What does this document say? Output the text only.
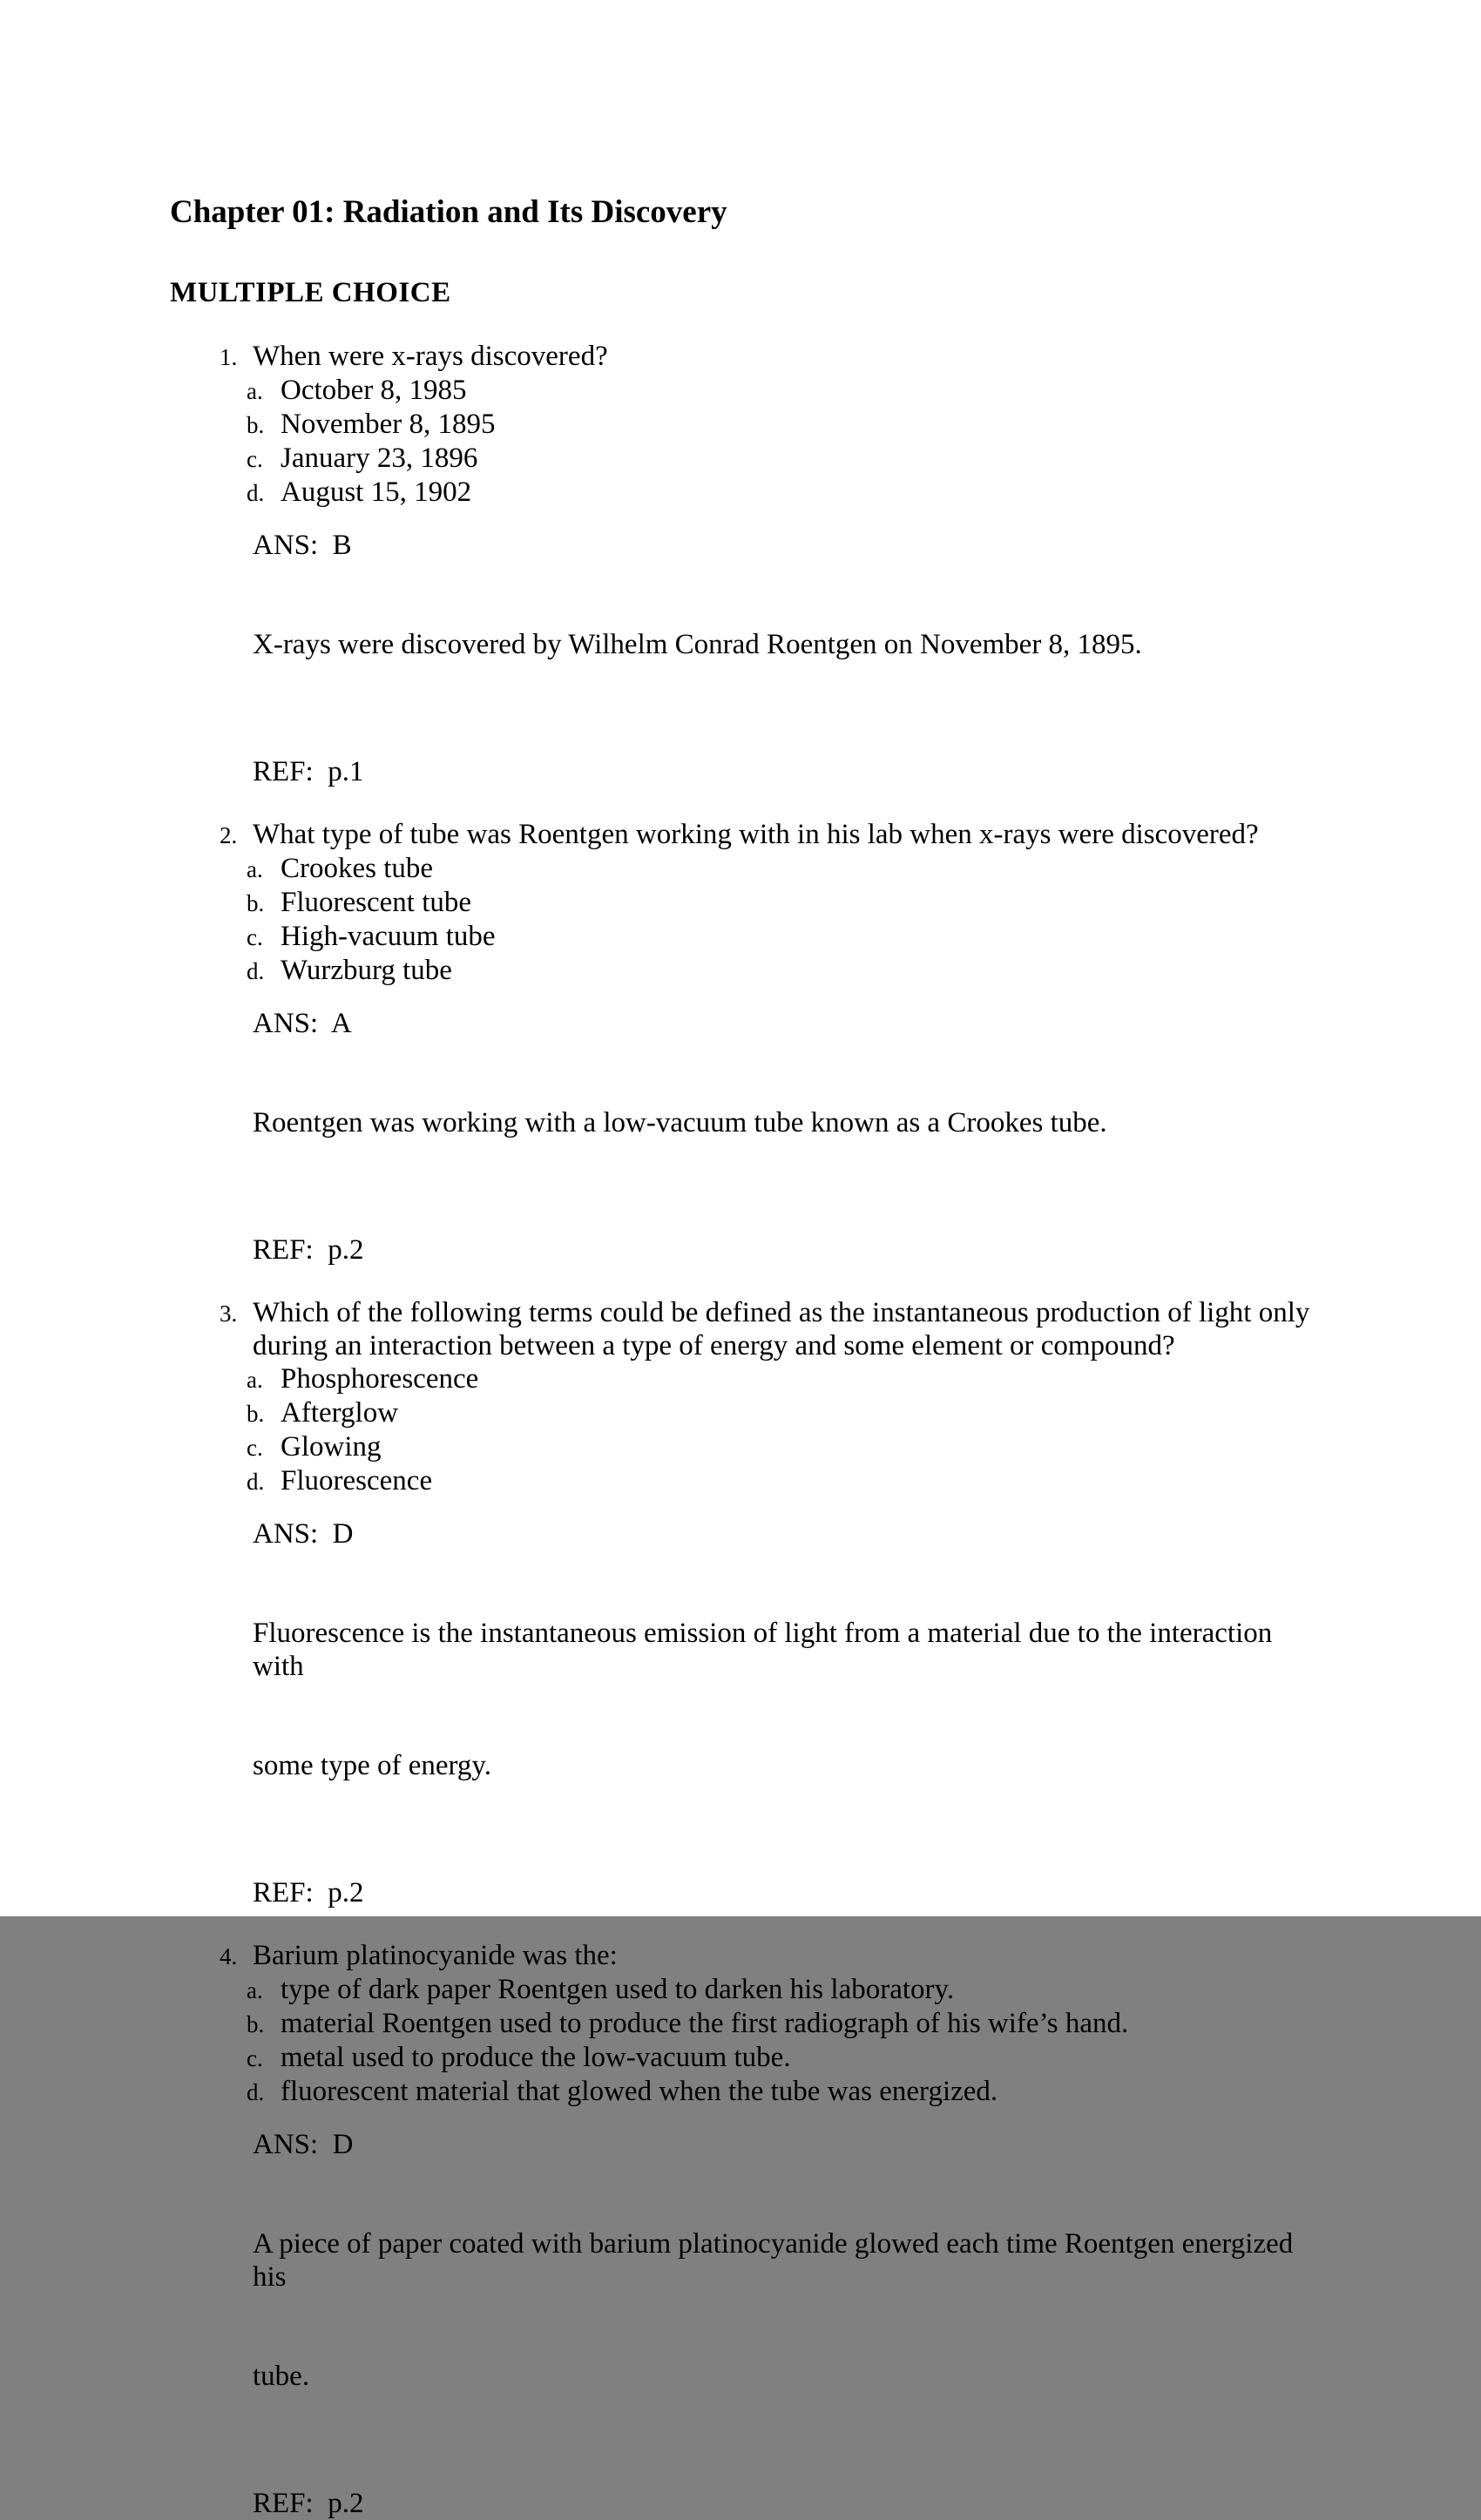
Chapter 01: Radiation and Its Discovery
MULTIPLE CHOICE
1. When were x-rays discovered?
a. October 8, 1985
b. November 8, 1895
c. January 23, 1896
d. August 15, 1902
ANS:  B

X-rays were discovered by Wilhelm Conrad Roentgen on November 8, 1895.

REF:  p.1
2. What type of tube was Roentgen working with in his lab when x-rays were discovered?
a. Crookes tube
b. Fluorescent tube
c. High-vacuum tube
d. Wurzburg tube
ANS:  A

Roentgen was working with a low-vacuum tube known as a Crookes tube.

REF:  p.2
3. Which of the following terms could be defined as the instantaneous production of light only
during an interaction between a type of energy and some element or compound?
a. Phosphorescence
b. Afterglow
c. Glowing
d. Fluorescence
ANS:  D

Fluorescence is the instantaneous emission of light from a material due to the interaction with

some type of energy.

REF:  p.2
4. Barium platinocyanide was the:
a. type of dark paper Roentgen used to darken his laboratory.
b. material Roentgen used to produce the first radiograph of his wife’s hand.
c. metal used to produce the low-vacuum tube.
d. fluorescent material that glowed when the tube was energized.
ANS:  D

A piece of paper coated with barium platinocyanide glowed each time Roentgen energized his

tube.

REF:  p.2
